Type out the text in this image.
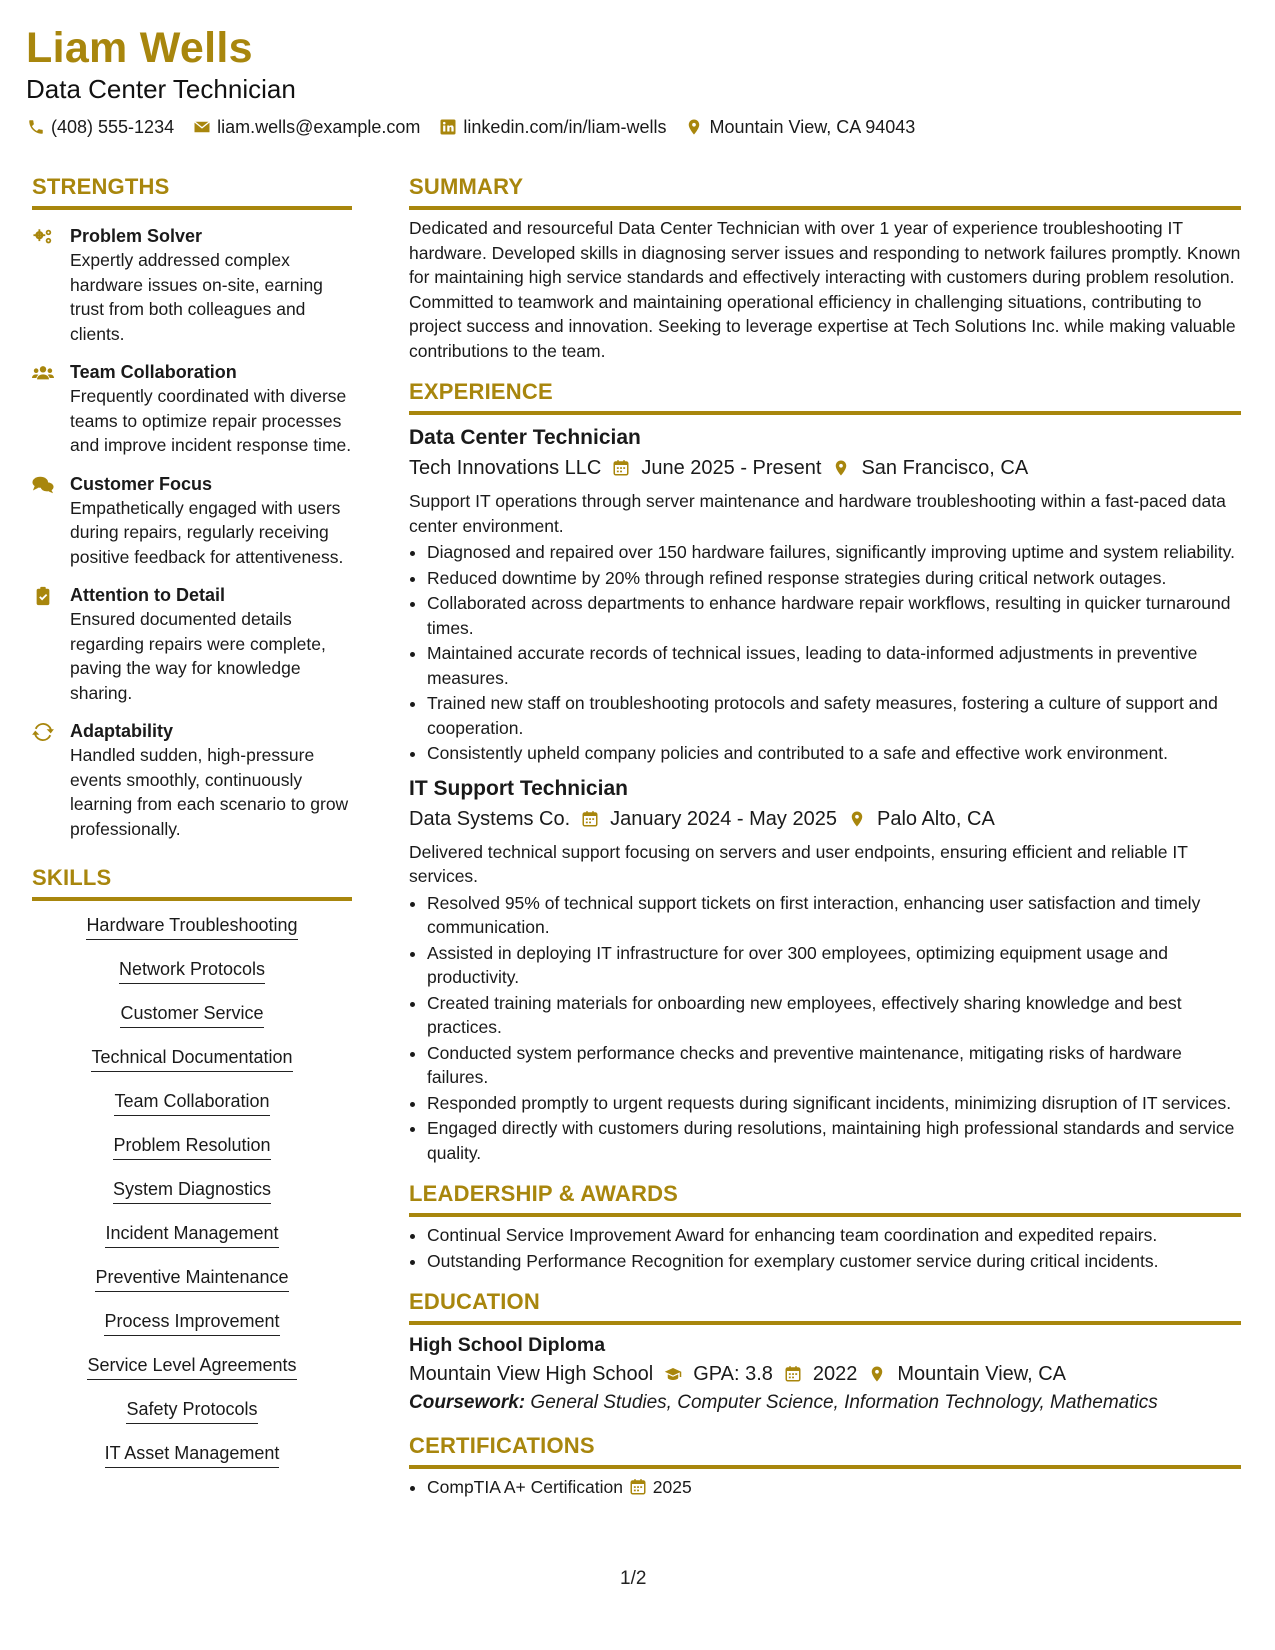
Liam Wells
Data Center Technician
(408) 555-1234 liam.wells@example.com linkedin.com/in/liam-wells Mountain View, CA 94043
STRENGTHS
Problem Solver
Expertly addressed complex hardware issues on-site, earning trust from both colleagues and clients.
Team Collaboration
Frequently coordinated with diverse teams to optimize repair processes and improve incident response time.
Customer Focus
Empathetically engaged with users during repairs, regularly receiving positive feedback for attentiveness.
Attention to Detail
Ensured documented details regarding repairs were complete, paving the way for knowledge sharing.
Adaptability
Handled sudden, high-pressure events smoothly, continuously learning from each scenario to grow professionally.
SKILLS
Hardware Troubleshooting
Network Protocols
Customer Service
Technical Documentation
Team Collaboration
Problem Resolution
System Diagnostics
Incident Management
Preventive Maintenance
Process Improvement
Service Level Agreements
Safety Protocols
IT Asset Management
SUMMARY
Dedicated and resourceful Data Center Technician with over 1 year of experience troubleshooting IT hardware. Developed skills in diagnosing server issues and responding to network failures promptly. Known for maintaining high service standards and effectively interacting with customers during problem resolution. Committed to teamwork and maintaining operational efficiency in challenging situations, contributing to project success and innovation. Seeking to leverage expertise at Tech Solutions Inc. while making valuable contributions to the team.
EXPERIENCE
Data Center Technician
Tech Innovations LLC June 2025 - Present San Francisco, CA
Support IT operations through server maintenance and hardware troubleshooting within a fast-paced data center environment.
• Diagnosed and repaired over 150 hardware failures, significantly improving uptime and system reliability.
• Reduced downtime by 20% through refined response strategies during critical network outages.
• Collaborated across departments to enhance hardware repair workflows, resulting in quicker turnaround times.
• Maintained accurate records of technical issues, leading to data-informed adjustments in preventive measures.
• Trained new staff on troubleshooting protocols and safety measures, fostering a culture of support and cooperation.
• Consistently upheld company policies and contributed to a safe and effective work environment.
IT Support Technician
Data Systems Co. January 2024 - May 2025 Palo Alto, CA
Delivered technical support focusing on servers and user endpoints, ensuring efficient and reliable IT services.
• Resolved 95% of technical support tickets on first interaction, enhancing user satisfaction and timely communication.
• Assisted in deploying IT infrastructure for over 300 employees, optimizing equipment usage and productivity.
• Created training materials for onboarding new employees, effectively sharing knowledge and best practices.
• Conducted system performance checks and preventive maintenance, mitigating risks of hardware failures.
• Responded promptly to urgent requests during significant incidents, minimizing disruption of IT services.
• Engaged directly with customers during resolutions, maintaining high professional standards and service quality.
LEADERSHIP & AWARDS
• Continual Service Improvement Award for enhancing team coordination and expedited repairs.
• Outstanding Performance Recognition for exemplary customer service during critical incidents.
EDUCATION
High School Diploma
Mountain View High School GPA: 3.8 2022 Mountain View, CA
Coursework: General Studies, Computer Science, Information Technology, Mathematics
CERTIFICATIONS
• CompTIA A+ Certification 2025
1/2
